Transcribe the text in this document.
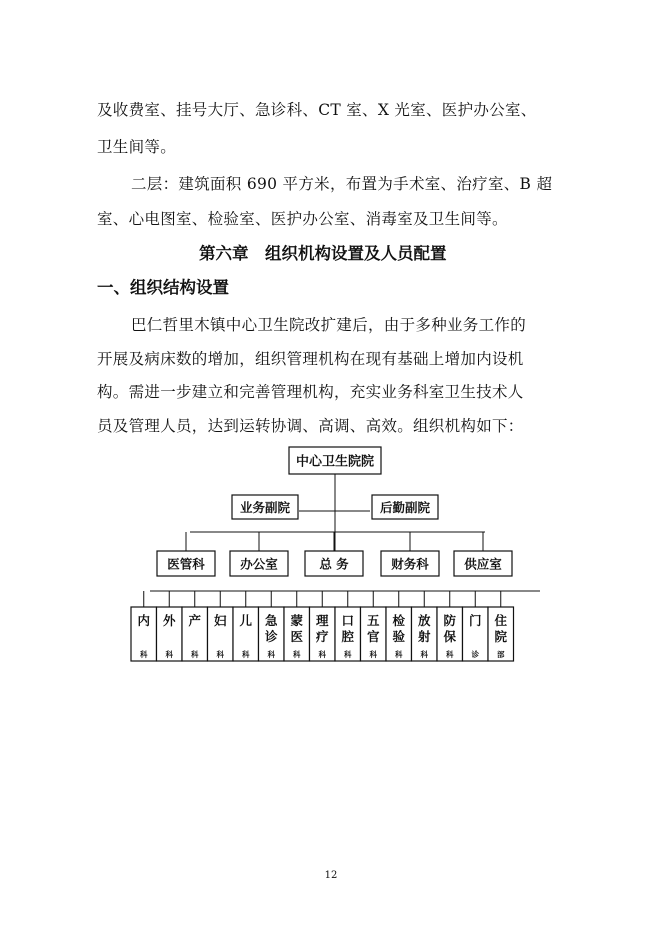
及收费室、挂号大厅、急诊科、CT 室、X 光室、医护办公室、
卫生间等。
二层：建筑面积 690 平方米，布置为手术室、治疗室、B 超
室、心电图室、检验室、医护办公室、消毒室及卫生间等。
第六章　组织机构设置及人员配置
一、组织结构设置
巴仁哲里木镇中心卫生院改扩建后，由于多种业务工作的
开展及病床数的增加，组织管理机构在现有基础上增加内设机
构。需进一步建立和完善管理机构，充实业务科室卫生技术人
员及管理人员，达到运转协调、高调、高效。组织机构如下：
中心卫生院院
业务副院	后勤副院
医管科	办公室	总 务	财务科	供应室
内
科
外
科
产
科
妇
科
儿
科
急
诊
科
蒙
医
科
理
疗
科
口
腔
科
五
官
科
检
验
科
放
射
科
防
保
科
门
诊
住
院
部
12
